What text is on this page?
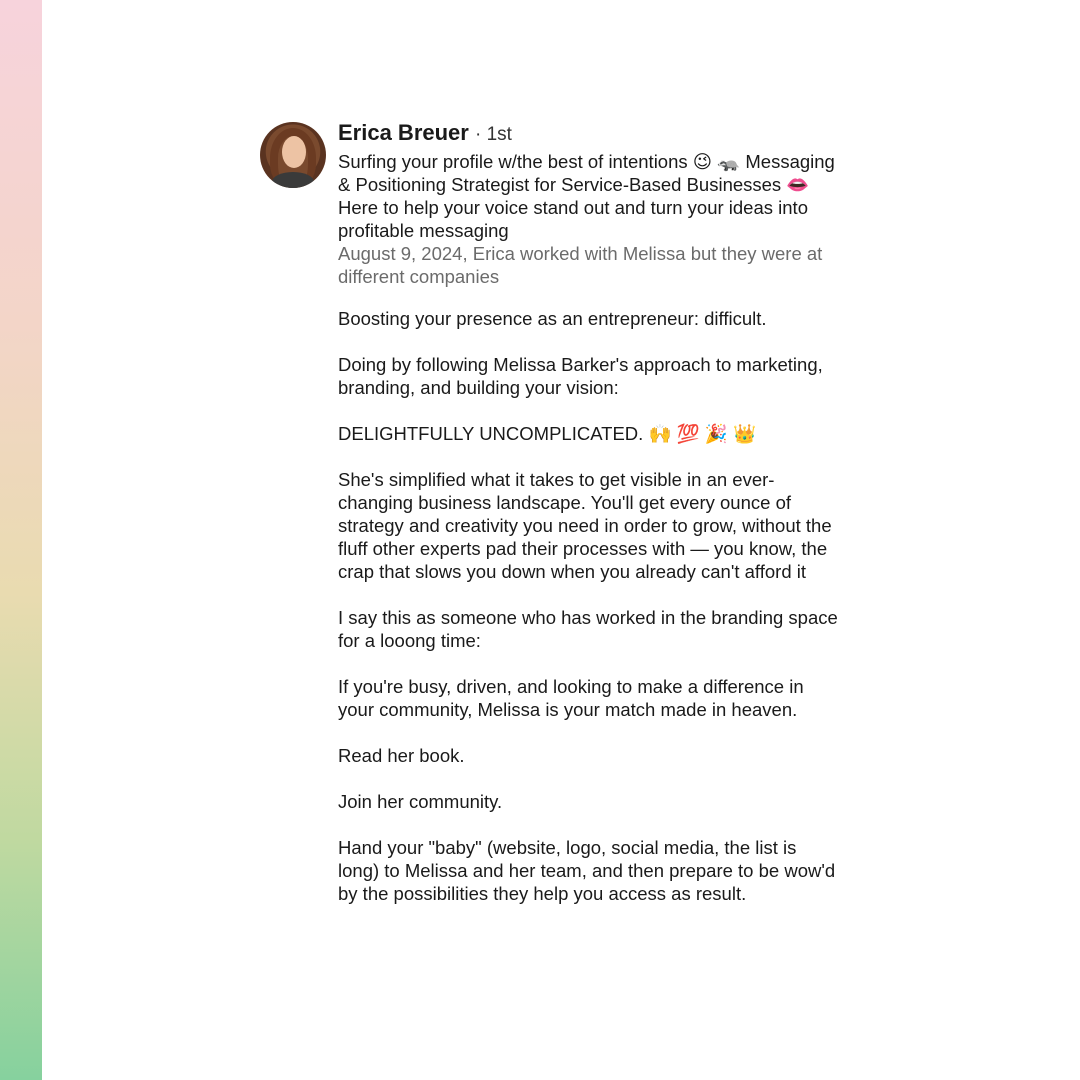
Erica Breuer · 1st
Surfing your profile w/the best of intentions 😉 🦡 Messaging & Positioning Strategist for Service-Based Businesses 👄 Here to help your voice stand out and turn your ideas into profitable messaging
August 9, 2024, Erica worked with Melissa but they were at different companies

Boosting your presence as an entrepreneur: difficult.

Doing by following Melissa Barker's approach to marketing, branding, and building your vision:

DELIGHTFULLY UNCOMPLICATED. 🙌 💯 🎉 👑

She's simplified what it takes to get visible in an ever-changing business landscape. You'll get every ounce of strategy and creativity you need in order to grow, without the fluff other experts pad their processes with — you know, the crap that slows you down when you already can't afford it

I say this as someone who has worked in the branding space for a looong time:

If you're busy, driven, and looking to make a difference in your community, Melissa is your match made in heaven.

Read her book.

Join her community.

Hand your "baby" (website, logo, social media, the list is long) to Melissa and her team, and then prepare to be wow'd by the possibilities they help you access as result.
